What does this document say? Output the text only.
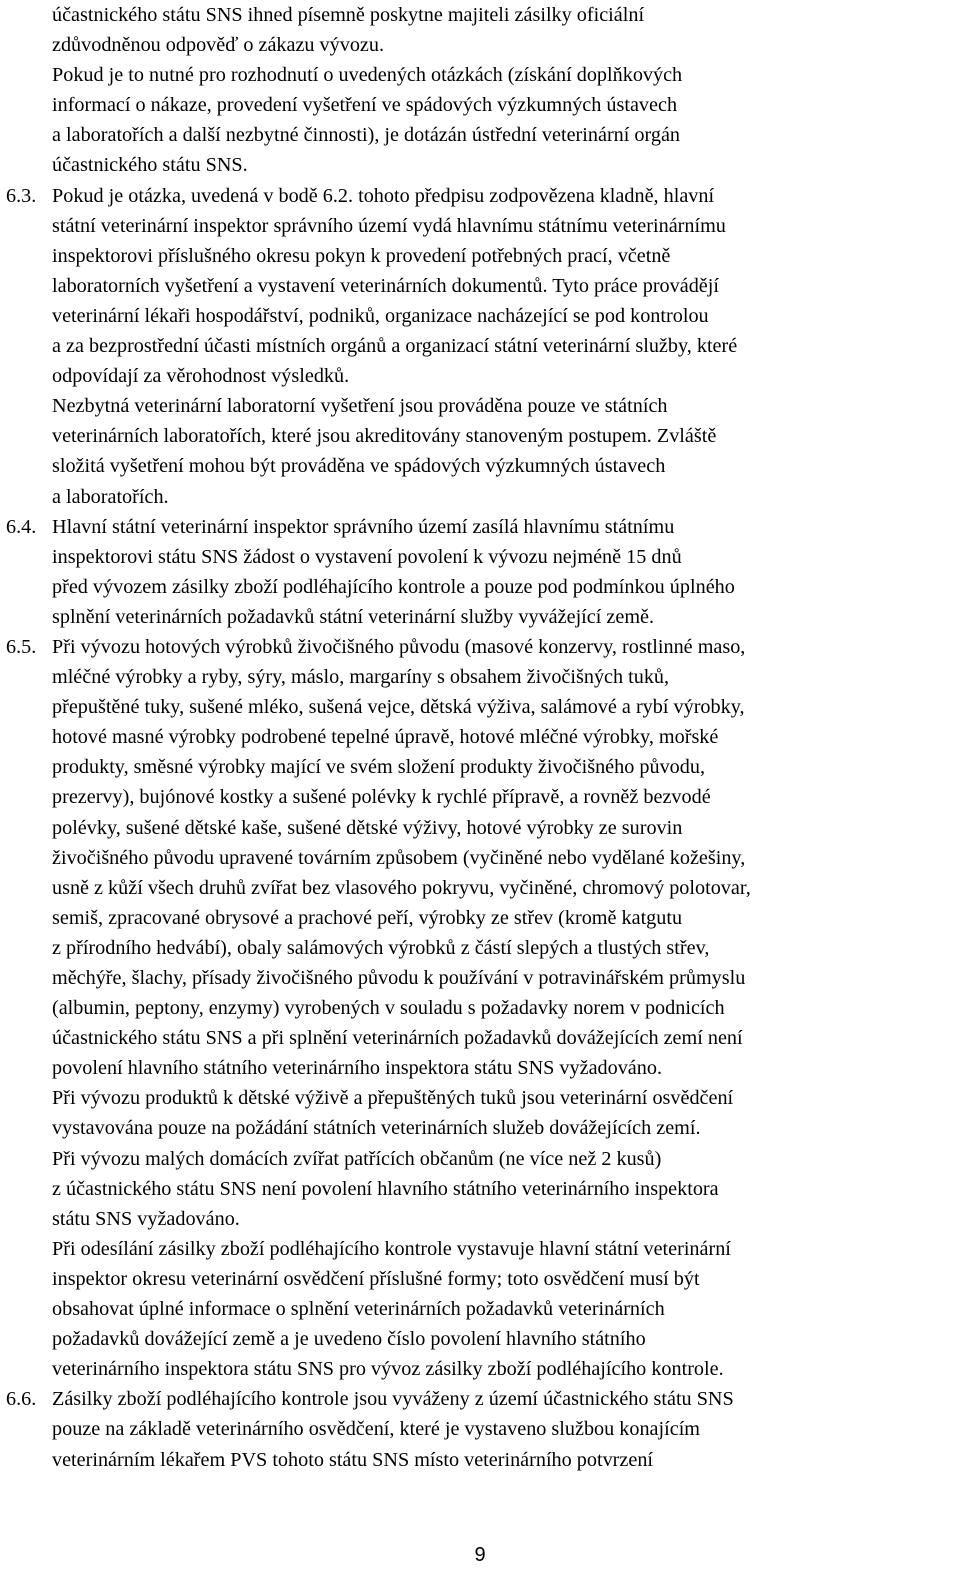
účastnického státu SNS ihned písemně poskytne majiteli zásilky oficiální
zdůvodněnou odpověď o zákazu vývozu.
Pokud je to nutné pro rozhodnutí o uvedených otázkách (získání doplňkových
informací o nákaze, provedení vyšetření ve spádových výzkumných ústavech
a laboratořích a další nezbytné činnosti), je dotázán ústřední veterinární orgán
účastnického státu SNS.
6.3. Pokud je otázka, uvedená v bodě 6.2. tohoto předpisu zodpovězena kladně, hlavní
státní veterinární inspektor správního území vydá hlavnímu státnímu veterinárnímu
inspektorovi příslušného okresu pokyn k provedení potřebných prací, včetně
laboratorních vyšetření a vystavení veterinárních dokumentů. Tyto práce provádějí
veterinární lékaři hospodářství, podniků, organizace nacházející se pod kontrolou
a za bezprostřední účasti místních orgánů a organizací státní veterinární služby, které
odpovídají za věrohodnost výsledků.
Nezbytná veterinární laboratorní vyšetření jsou prováděna pouze ve státních
veterinárních laboratořích, které jsou akreditovány stanoveným postupem. Zvláště
složitá vyšetření mohou být prováděna ve spádových výzkumných ústavech
a laboratořích.
6.4. Hlavní státní veterinární inspektor správního území zasílá hlavnímu státnímu
inspektorovi státu SNS žádost o vystavení povolení k vývozu nejméně 15 dnů
před vývozem zásilky zboží podléhajícího kontrole a pouze pod podmínkou úplného
splnění veterinárních požadavků státní veterinární služby vyvážející země.
6.5. Při vývozu hotových výrobků živočišného původu (masové konzervy, rostlinné maso,
mléčné výrobky a ryby, sýry, máslo, margaríny s obsahem živočišných tuků,
přepuštěné tuky, sušené mléko, sušená vejce, dětská výživa, salámové a rybí výrobky,
hotové masné výrobky podrobené tepelné úpravě, hotové mléčné výrobky, mořské
produkty, směsné výrobky mající ve svém složení produkty živočišného původu,
prezervy), bujónové kostky a sušené polévky k rychlé přípravě, a rovněž bezvodé
polévky, sušené dětské kaše, sušené dětské výživy, hotové výrobky ze surovin
živočišného původu upravené továrním způsobem (vyčiněné nebo vydělané kožešiny,
usně z kůží všech druhů zvířat bez vlasového pokryvu, vyčiněné, chromový polotovar,
semiš, zpracované obrysové a prachové peří, výrobky ze střev (kromě katgutu
z přírodního hedvábí), obaly salámových výrobků z částí slepých a tlustých střev,
měchýře, šlachy, přísady živočišného původu k používání v potravinářském průmyslu
(albumin, peptony, enzymy) vyrobených v souladu s požadavky norem v podnicích
účastnického státu SNS a při splnění veterinárních požadavků dovážejících zemí není
povolení hlavního státního veterinárního inspektora státu SNS vyžadováno.
Při vývozu produktů k dětské výživě a přepuštěných tuků jsou veterinární osvědčení
vystavována pouze na požádání státních veterinárních služeb dovážejících zemí.
Při vývozu malých domácích zvířat patřících občanům (ne více než 2 kusů)
z účastnického státu SNS není povolení hlavního státního veterinárního inspektora
státu SNS vyžadováno.
Při odesílání zásilky zboží podléhajícího kontrole vystavuje hlavní státní veterinární
inspektor okresu veterinární osvědčení příslušné formy; toto osvědčení musí být
obsahovat úplné informace o splnění veterinárních požadavků veterinárních
požadavků dovážející země a je uvedeno číslo povolení hlavního státního
veterinárního inspektora státu SNS pro vývoz zásilky zboží podléhajícího kontrole.
6.6. Zásilky zboží podléhajícího kontrole jsou vyváženy z území účastnického státu SNS
pouze na základě veterinárního osvědčení, které je vystaveno službou konajícím
veterinárním lékařem PVS tohoto státu SNS místo veterinárního potvrzení
9
